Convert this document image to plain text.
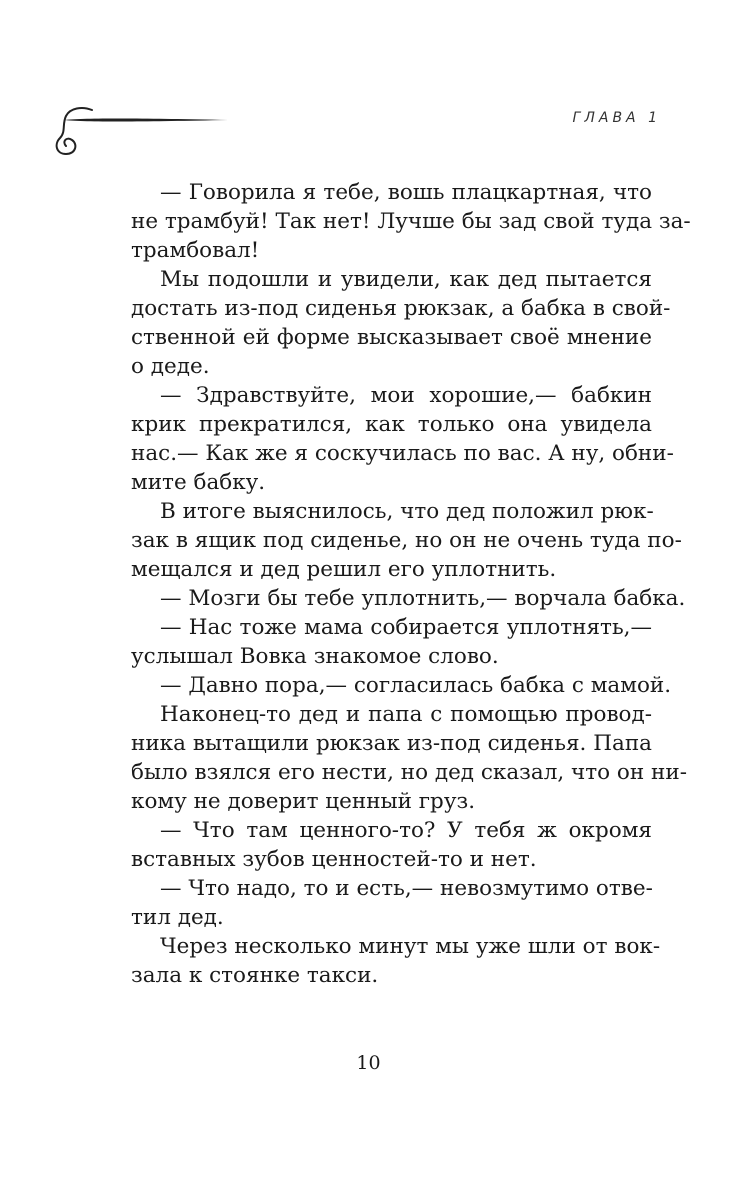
ГЛАВА 1
— Говорила я тебе, вошь плацкартная, что
не трамбуй! Так нет! Лучше бы зад свой туда за-
трамбовал!
Мы подошли и увидели, как дед пытается
достать из-под сиденья рюкзак, а бабка в свой-
ственной ей форме высказывает своё мнение
о деде.
— Здравствуйте, мои хорошие,— бабкин
крик прекратился, как только она увидела
нас.— Как же я соскучилась по вас. А ну, обни-
мите бабку.
В итоге выяснилось, что дед положил рюк-
зак в ящик под сиденье, но он не очень туда по-
мещался и дед решил его уплотнить.
— Мозги бы тебе уплотнить,— ворчала бабка.
— Нас тоже мама собирается уплотнять,—
услышал Вовка знакомое слово.
— Давно пора,— согласилась бабка с мамой.
Наконец-то дед и папа с помощью провод-
ника вытащили рюкзак из-под сиденья. Папа
было взялся его нести, но дед сказал, что он ни-
кому не доверит ценный груз.
— Что там ценного-то? У тебя ж окромя
вставных зубов ценностей-то и нет.
— Что надо, то и есть,— невозмутимо отве-
тил дед.
Через несколько минут мы уже шли от вок-
зала к стоянке такси.
10
